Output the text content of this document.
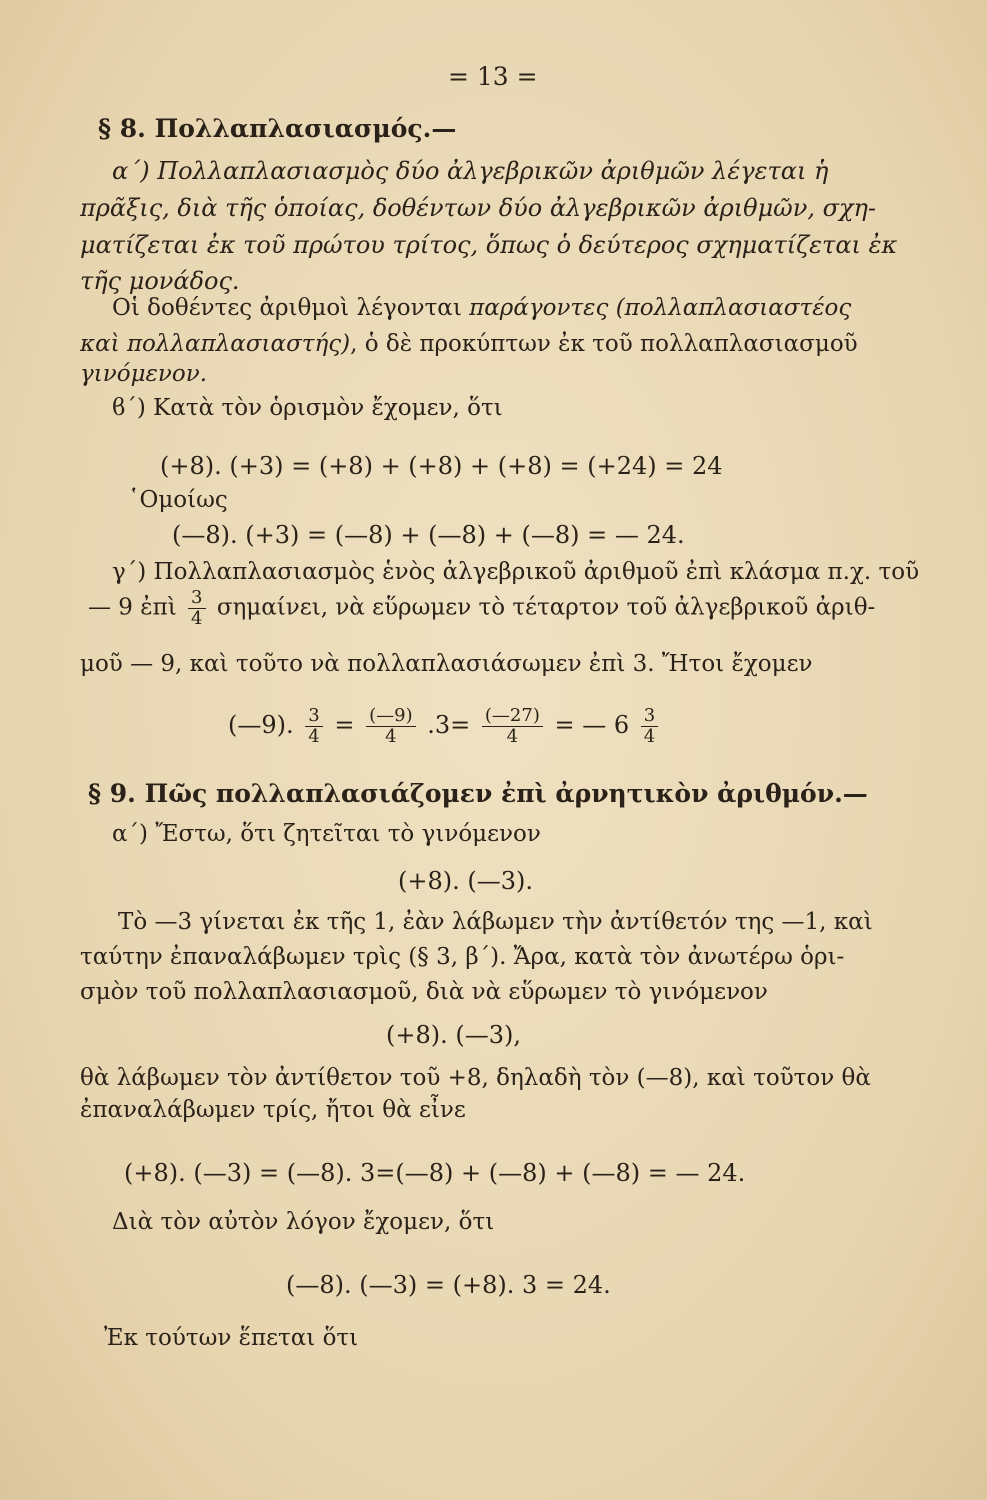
= 13 =
§ 8. Πολλαπλασιασμός.—
α΄) Πολλαπλασιασμὸς δύο ἀλγεβρικῶν ἀριθμῶν λέγεται ἡ
πρᾶξις, διὰ τῆς ὁποίας, δοθέντων δύο ἀλγεβρικῶν ἀριθμῶν, σχη-
ματίζεται ἐκ τοῦ πρώτου τρίτος, ὅπως ὁ δεύτερος σχηματίζεται ἐκ
τῆς μονάδος.
Οἱ δοθέντες ἀριθμοὶ λέγονται παράγοντες (πολλαπλασιαστέος
καὶ πολλαπλασιαστής), ὁ δὲ προκύπτων ἐκ τοῦ πολλαπλασιασμοῦ
γινόμενον.
ϐ΄) Κατὰ τὸν ὁρισμὸν ἔχομεν, ὅτι
(+8). (+3) = (+8) + (+8) + (+8) = (+24) = 24
῾Ομοίως
(—8). (+3) = (—8) + (—8) + (—8) = — 24.
γ΄) Πολλαπλασιασμὸς ἑνὸς ἀλγεβρικοῦ ἀριθμοῦ ἐπὶ κλάσμα π.χ. τοῦ
— 9 ἐπὶ $\frac{3}{4} \sigma\eta\mu\alpha ί\nu\varepsilon\iota$, νὰ εὕρωμεν τὸ τέταρτον τοῦ ἀλγεβρικοῦ ἀριθ-
μοῦ — 9, καὶ τοῦτο νὰ πολλαπλασιάσωμεν ἐπὶ 3. Ἤτοι ἔχομεν
(—9). $\frac{3}{4} = \frac{(—9)}{4} .3= \frac{(—27)}{4}$ = — $6 \frac{3}{4}$
§ 9. Πῶς πολλαπλασιάζομεν ἐπὶ ἀρνητικὸν ἀριθμόν.—
α΄) Ἔστω, ὅτι ζητεῖται τὸ γινόμενον
(+8). (—3).
Τὸ —3 γίνεται ἐκ τῆς 1, ἐὰν λάβωμεν τὴν ἀντίθετόν της —1, καὶ
ταύτην ἐπαναλάβωμεν τρὶς (§ 3, β΄). Ἄρα, κατὰ τὸν ἀνωτέρω ὁρι-
σμὸν τοῦ πολλαπλασιασμοῦ, διὰ νὰ εὕρωμεν τὸ γινόμενον
(+8). (—3),
θὰ λάβωμεν τὸν ἀντίθετον τοῦ +8, δηλαδὴ τὸν (—8), καὶ τοῦτον θὰ
ἐπαναλάβωμεν τρίς, ἤτοι θὰ εἶνε
(+8). (—3) = (—8). 3=(—8) + (—8) + (—8) = — 24.
Διὰ τὸν αὐτὸν λόγον ἔχομεν, ὅτι
(—8). (—3) = (+8). 3 = 24.
Ἐκ τούτων ἕπεται ὅτι
